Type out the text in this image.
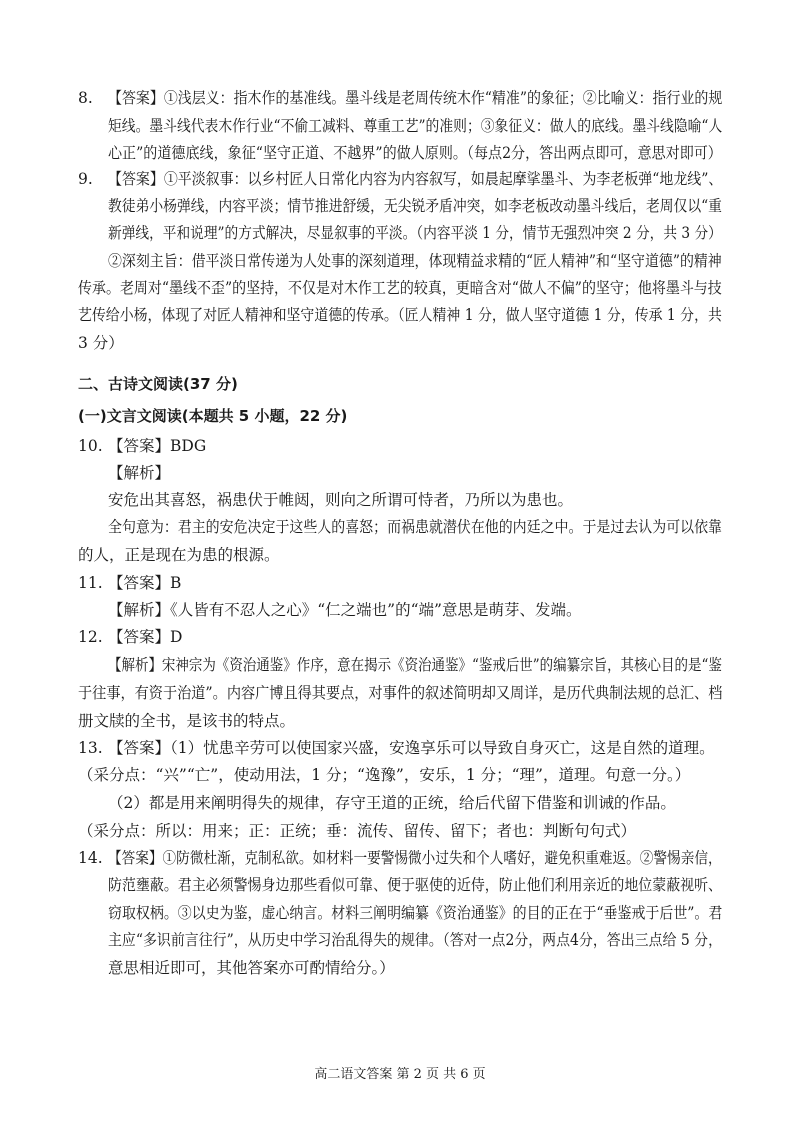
8. 【答案】①浅层义：指木作的基准线。墨斗线是老周传统木作“精准”的象征；②比喻义：指行业的规
矩线。墨斗线代表木作行业“不偷工减料、尊重工艺”的准则；③象征义：做人的底线。墨斗线隐喻“人
心正”的道德底线，象征“坚守正道、不越界”的做人原则。（每点2分，答出两点即可，意思对即可）
9. 【答案】①平淡叙事：以乡村匠人日常化内容为内容叙写，如晨起摩挲墨斗、为李老板弹“地龙线”、
教徒弟小杨弹线，内容平淡；情节推进舒缓，无尖锐矛盾冲突，如李老板改动墨斗线后，老周仅以“重
新弹线，平和说理”的方式解决，尽显叙事的平淡。（内容平淡 1 分，情节无强烈冲突 2 分，共 3 分）
②深刻主旨：借平淡日常传递为人处事的深刻道理，体现精益求精的“匠人精神”和“坚守道德”的精神
传承。老周对“墨线不歪”的坚持，不仅是对木作工艺的较真，更暗含对“做人不偏”的坚守；他将墨斗与技
艺传给小杨，体现了对匠人精神和坚守道德的传承。（匠人精神 1 分，做人坚守道德 1 分，传承 1 分，共
3 分）
二、古诗文阅读(37 分)
(一)文言文阅读(本题共 5 小题，22 分)
10. 【答案】BDG
【解析】
安危出其喜怒，祸患伏于帷闼，则向之所谓可恃者，乃所以为患也。
全句意为：君主的安危决定于这些人的喜怒；而祸患就潜伏在他的内廷之中。于是过去认为可以依靠
的人，正是现在为患的根源。
11. 【答案】B
【解析】《人皆有不忍人之心》“仁之端也”的“端”意思是萌芽、发端。
12. 【答案】D
【解析】宋神宗为《资治通鉴》作序，意在揭示《资治通鉴》“鉴戒后世”的编纂宗旨，其核心目的是“鉴
于往事，有资于治道”。内容广博且得其要点，对事件的叙述简明却又周详，是历代典制法规的总汇、档
册文牍的全书，是该书的特点。
13. 【答案】（1）忧患辛劳可以使国家兴盛，安逸享乐可以导致自身灭亡，这是自然的道理。
（采分点：“兴”“亡”，使动用法，1 分；“逸豫”，安乐，1 分；“理”，道理。句意一分。）
（2）都是用来阐明得失的规律，存守王道的正统，给后代留下借鉴和训诫的作品。
（采分点：所以：用来；正：正统；垂：流传、留传、留下；者也：判断句句式）
14. 【答案】①防微杜渐，克制私欲。如材料一要警惕微小过失和个人嗜好，避免积重难返。②警惕亲信，
防范壅蔽。君主必须警惕身边那些看似可靠、便于驱使的近侍，防止他们利用亲近的地位蒙蔽视听、
窃取权柄。③以史为鉴，虚心纳言。材料三阐明编纂《资治通鉴》的目的正在于“垂鉴戒于后世”。君
主应“多识前言往行”，从历史中学习治乱得失的规律。（答对一点2分，两点4分，答出三点给 5 分，
意思相近即可，其他答案亦可酌情给分。）
高二语文答案 第 2 页 共 6 页
